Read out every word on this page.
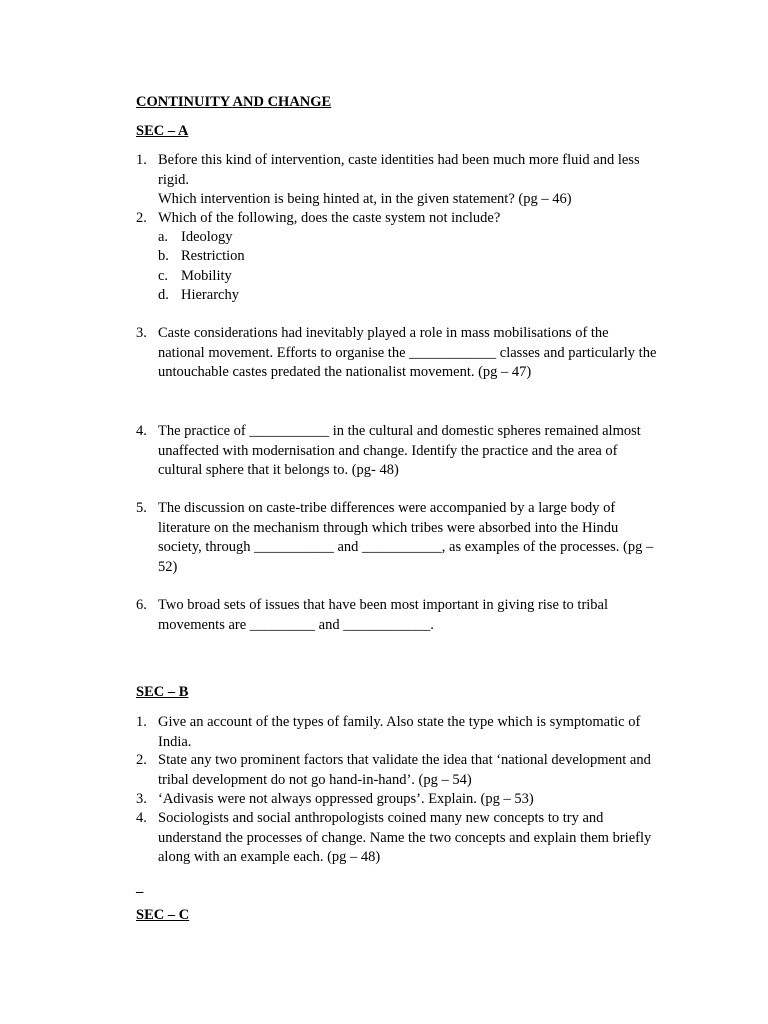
CONTINUITY AND CHANGE
SEC – A
1. Before this kind of intervention, caste identities had been much more fluid and less
rigid.
Which intervention is being hinted at, in the given statement? (pg – 46)
2. Which of the following, does the caste system not include?
a. Ideology
b. Restriction
c. Mobility
d. Hierarchy
3. Caste considerations had inevitably played a role in mass mobilisations of the
national movement. Efforts to organise the ____________ classes and particularly the
untouchable castes predated the nationalist movement. (pg – 47)
4. The practice of ___________ in the cultural and domestic spheres remained almost
unaffected with modernisation and change. Identify the practice and the area of
cultural sphere that it belongs to. (pg- 48)
5. The discussion on caste-tribe differences were accompanied by a large body of
literature on the mechanism through which tribes were absorbed into the Hindu
society, through ___________ and ___________, as examples of the processes. (pg –
52)
6. Two broad sets of issues that have been most important in giving rise to tribal
movements are _________ and ____________.
SEC – B
1. Give an account of the types of family. Also state the type which is symptomatic of
India.
2. State any two prominent factors that validate the idea that ‘national development and
tribal development do not go hand-in-hand’. (pg – 54)
3. ‘Adivasis were not always oppressed groups’. Explain. (pg – 53)
4. Sociologists and social anthropologists coined many new concepts to try and
understand the processes of change. Name the two concepts and explain them briefly
along with an example each. (pg – 48)
_
SEC – C
